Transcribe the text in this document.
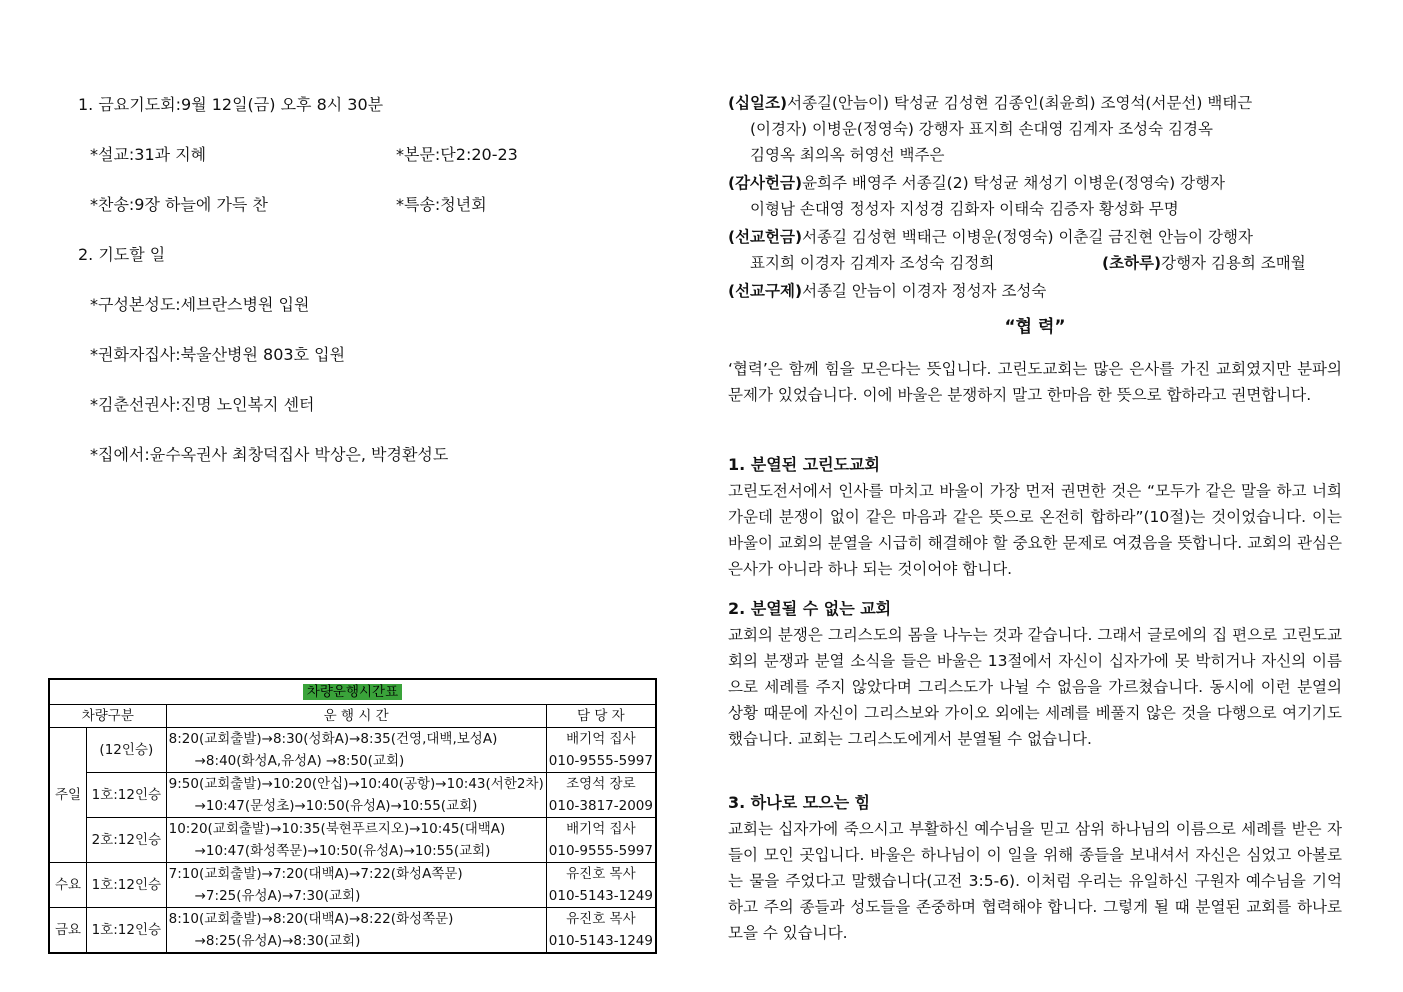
1. 금요기도회:9월 12일(금) 오후 8시 30분
*설교:31과 지혜	*본문:단2:20-23
*찬송:9장 하늘에 가득 찬	*특송:청년회
2. 기도할 일
*구성본성도:세브란스병원 입원
*권화자집사:북울산병원 803호 입원
*김춘선권사:진명 노인복지 센터
*집에서:윤수옥권사 최창덕집사 박상은, 박경환성도
차량운행시간표			
차량구분		운 행 시 간	담 당 자
주일	(12인승)	8:20(교회출발)→8:30(성화A)→8:35(건영,대백,보성A)	배기억 집사
		→8:40(화성A,유성A) →8:50(교회)	010-9555-5997
	1호:12인승	9:50(교회출발)→10:20(안십)→10:40(공항)→10:43(서한2차)	조영석 장로
		→10:47(문성초)→10:50(유성A)→10:55(교회)	010-3817-2009
	2호:12인승	10:20(교회출발)→10:35(북현푸르지오)→10:45(대백A)	배기억 집사
		→10:47(화성쪽문)→10:50(유성A)→10:55(교회)	010-9555-5997
수요	1호:12인승	7:10(교회출발)→7:20(대백A)→7:22(화성A쪽문)	유진호 목사
		→7:25(유성A)→7:30(교회)	010-5143-1249
금요	1호:12인승	8:10(교회출발)→8:20(대백A)→8:22(화성쪽문)	유진호 목사
		→8:25(유성A)→8:30(교회)	010-5143-1249
(십일조)서종길(안늠이) 탁성균 김성현 김종인(최윤희) 조영석(서문선) 백태근
(이경자) 이병운(정영숙) 강행자 표지희 손대영 김계자 조성숙 김경옥
김영옥 최의옥 허영선 백주은
(감사헌금)윤희주 배영주 서종길(2) 탁성균 채성기 이병운(정영숙) 강행자
이형남 손대영 정성자 지성경 김화자 이태숙 김증자 황성화 무명
(선교헌금)서종길 김성현 백태근 이병운(정영숙) 이춘길 금진현 안늠이 강행자
표지희 이경자 김계자 조성숙 김정희	(초하루)강행자 김용희 조매월
(선교구제)서종길 안늠이 이경자 정성자 조성숙
“협 력”
‘협력’은 함께 힘을 모은다는 뜻입니다. 고린도교회는 많은 은사를 가진 교회였지만 분파의 문제가 있었습니다. 이에 바울은 분쟁하지 말고 한마음 한 뜻으로 합하라고 권면합니다.
1. 분열된 고린도교회
고린도전서에서 인사를 마치고 바울이 가장 먼저 권면한 것은 “모두가 같은 말을 하고 너희 가운데 분쟁이 없이 같은 마음과 같은 뜻으로 온전히 합하라”(10절)는 것이었습니다. 이는 바울이 교회의 분열을 시급히 해결해야 할 중요한 문제로 여겼음을 뜻합니다. 교회의 관심은 은사가 아니라 하나 되는 것이어야 합니다.
2. 분열될 수 없는 교회
교회의 분쟁은 그리스도의 몸을 나누는 것과 같습니다. 그래서 글로에의 집 편으로 고린도교회의 분쟁과 분열 소식을 들은 바울은 13절에서 자신이 십자가에 못 박히거나 자신의 이름으로 세례를 주지 않았다며 그리스도가 나뉠 수 없음을 가르쳤습니다. 동시에 이런 분열의 상황 때문에 자신이 그리스보와 가이오 외에는 세례를 베풀지 않은 것을 다행으로 여기기도 했습니다. 교회는 그리스도에게서 분열될 수 없습니다.
3. 하나로 모으는 힘
교회는 십자가에 죽으시고 부활하신 예수님을 믿고 삼위 하나님의 이름으로 세례를 받은 자들이 모인 곳입니다. 바울은 하나님이 이 일을 위해 종들을 보내셔서 자신은 심었고 아볼로는 물을 주었다고 말했습니다(고전 3:5-6). 이처럼 우리는 유일하신 구원자 예수님을 기억하고 주의 종들과 성도들을 존중하며 협력해야 합니다. 그렇게 될 때 분열된 교회를 하나로 모을 수 있습니다.
